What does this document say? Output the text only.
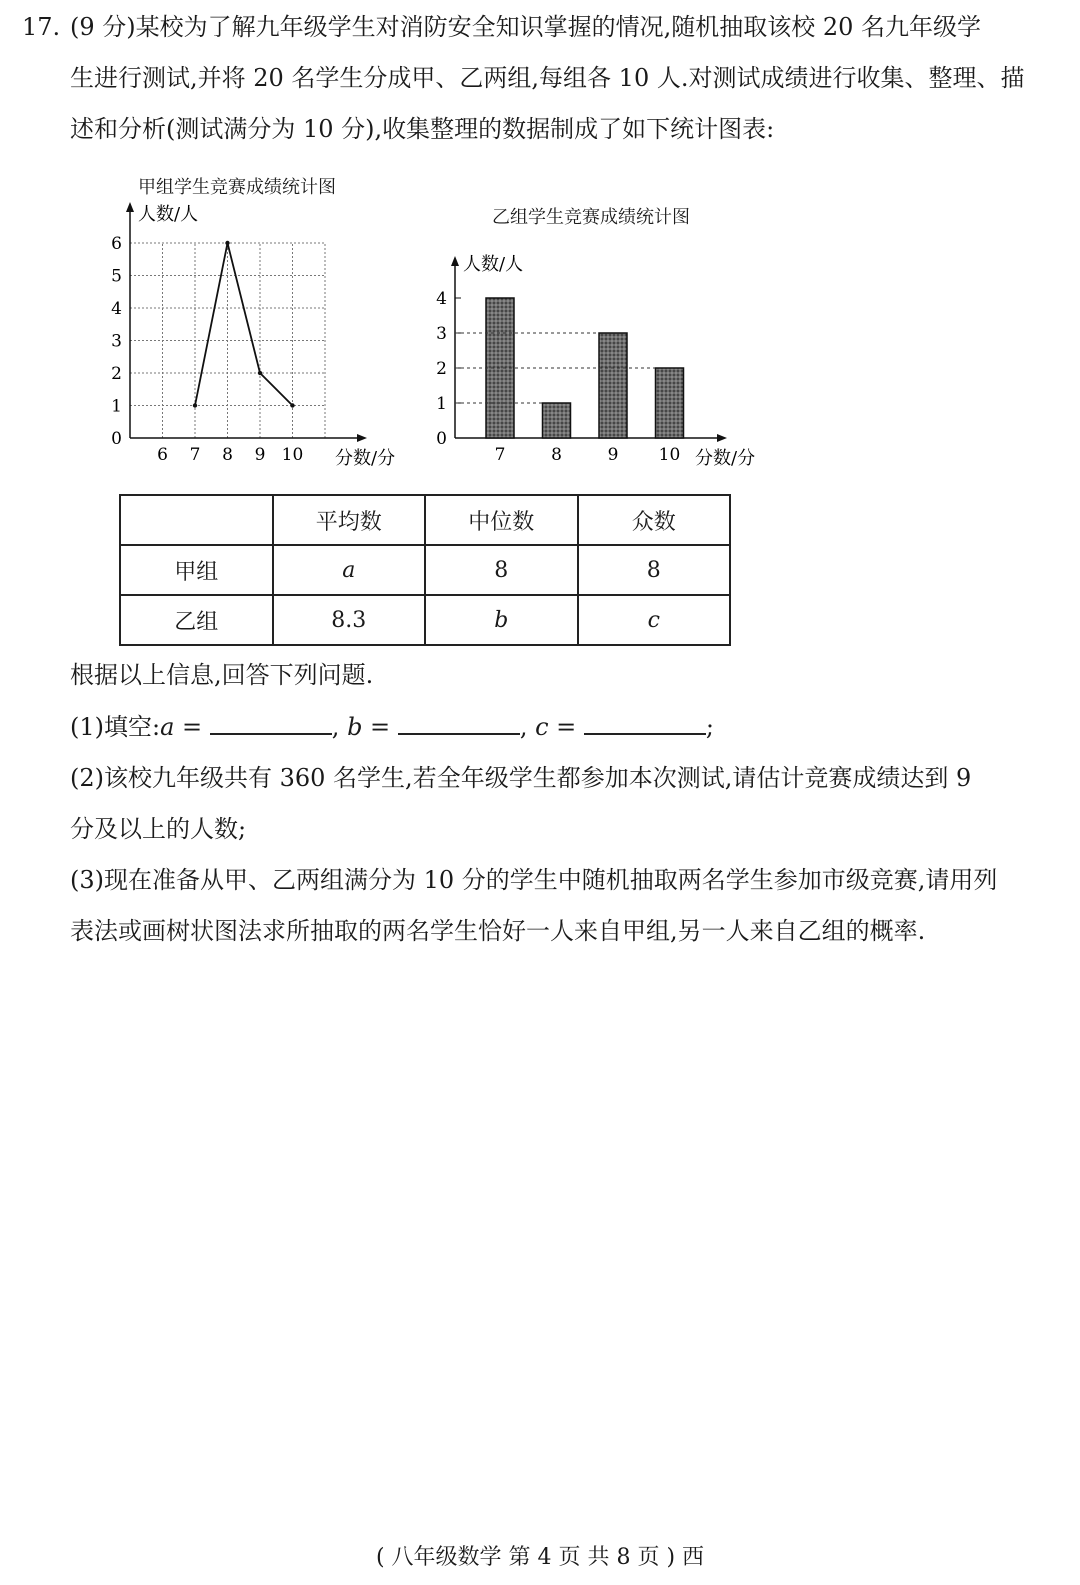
17. (9 分)某校为了解九年级学生对消防安全知识掌握的情况,随机抽取该校 20 名九年级学

生进行测试,并将 20 名学生分成甲、乙两组,每组各 10 人.对测试成绩进行收集、整理、描

述和分析(测试满分为 10 分),收集整理的数据制成了如下统计图表:

甲组学生竞赛成绩统计图
0
1
2
3
4
5
6
6 7 8 9 10
人数/人
分数/分
乙组学生竞赛成绩统计图
0
1
2
3
4
人数/人
分数/分
7	8	9 10
	平均数	中位数	众数
甲组	a	8	8
乙组	8.3	b	c

根据以上信息,回答下列问题.

(1)填空:a =	, b =	, c =	;

(2)该校九年级共有 360 名学生,若全年级学生都参加本次测试,请估计竞赛成绩达到 9

分及以上的人数;

(3)现在准备从甲、乙两组满分为 10 分的学生中随机抽取两名学生参加市级竞赛,请用列

表法或画树状图法求所抽取的两名学生恰好一人来自甲组,另一人来自乙组的概率.

( 八年级数学 第 4 页 共 8 页 ) 西
